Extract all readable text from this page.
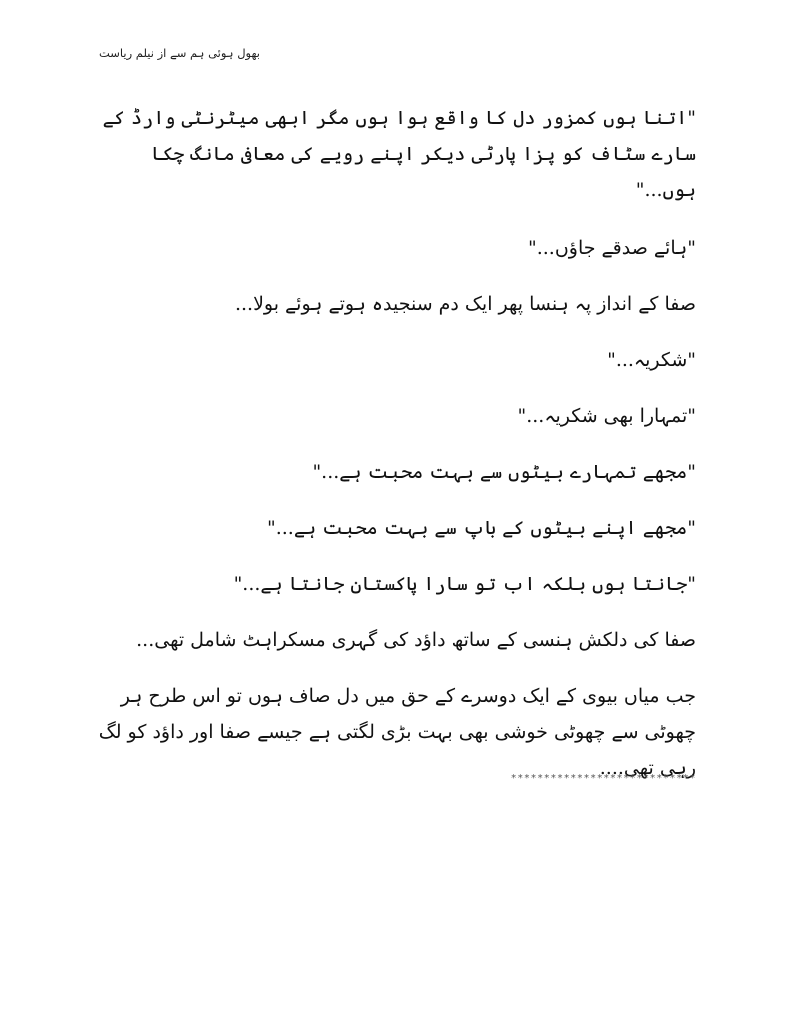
بھول ہوئی ہم سے از نیلم ریاست

"اتنا ہوں کمزور دل کا واقع ہوا ہوں مگر ابھی میٹرنٹی وارڈ کے سارے سٹاف کو پزا پارٹی دیکر اپنے رویے کی معافی مانگ چکا ہوں..."

"ہائے صدقے جاؤں..."

صفا کے انداز پہ ہنسا پھر ایک دم سنجیدہ ہوتے ہوئے بولا...

"شکریہ..."

"تمہارا بھی شکریہ..."

"مجھے تمہارے بیٹوں سے بہت محبت ہے..."

"مجھے اپنے بیٹوں کے باپ سے بہت محبت ہے..."

"جانتا ہوں بلکہ اب تو سارا پاکستان جانتا ہے..."

صفا کی دلکش ہنسی کے ساتھ داؤد کی گہری مسکراہٹ شامل تھی...

جب میاں بیوی کے ایک دوسرے کے حق میں دل صاف ہوں تو اس طرح ہر چھوٹی سے چھوٹی خوشی بھی بہت بڑی لگتی ہے جیسے صفا اور داؤد کو لگ رہی تھی....

****************************
